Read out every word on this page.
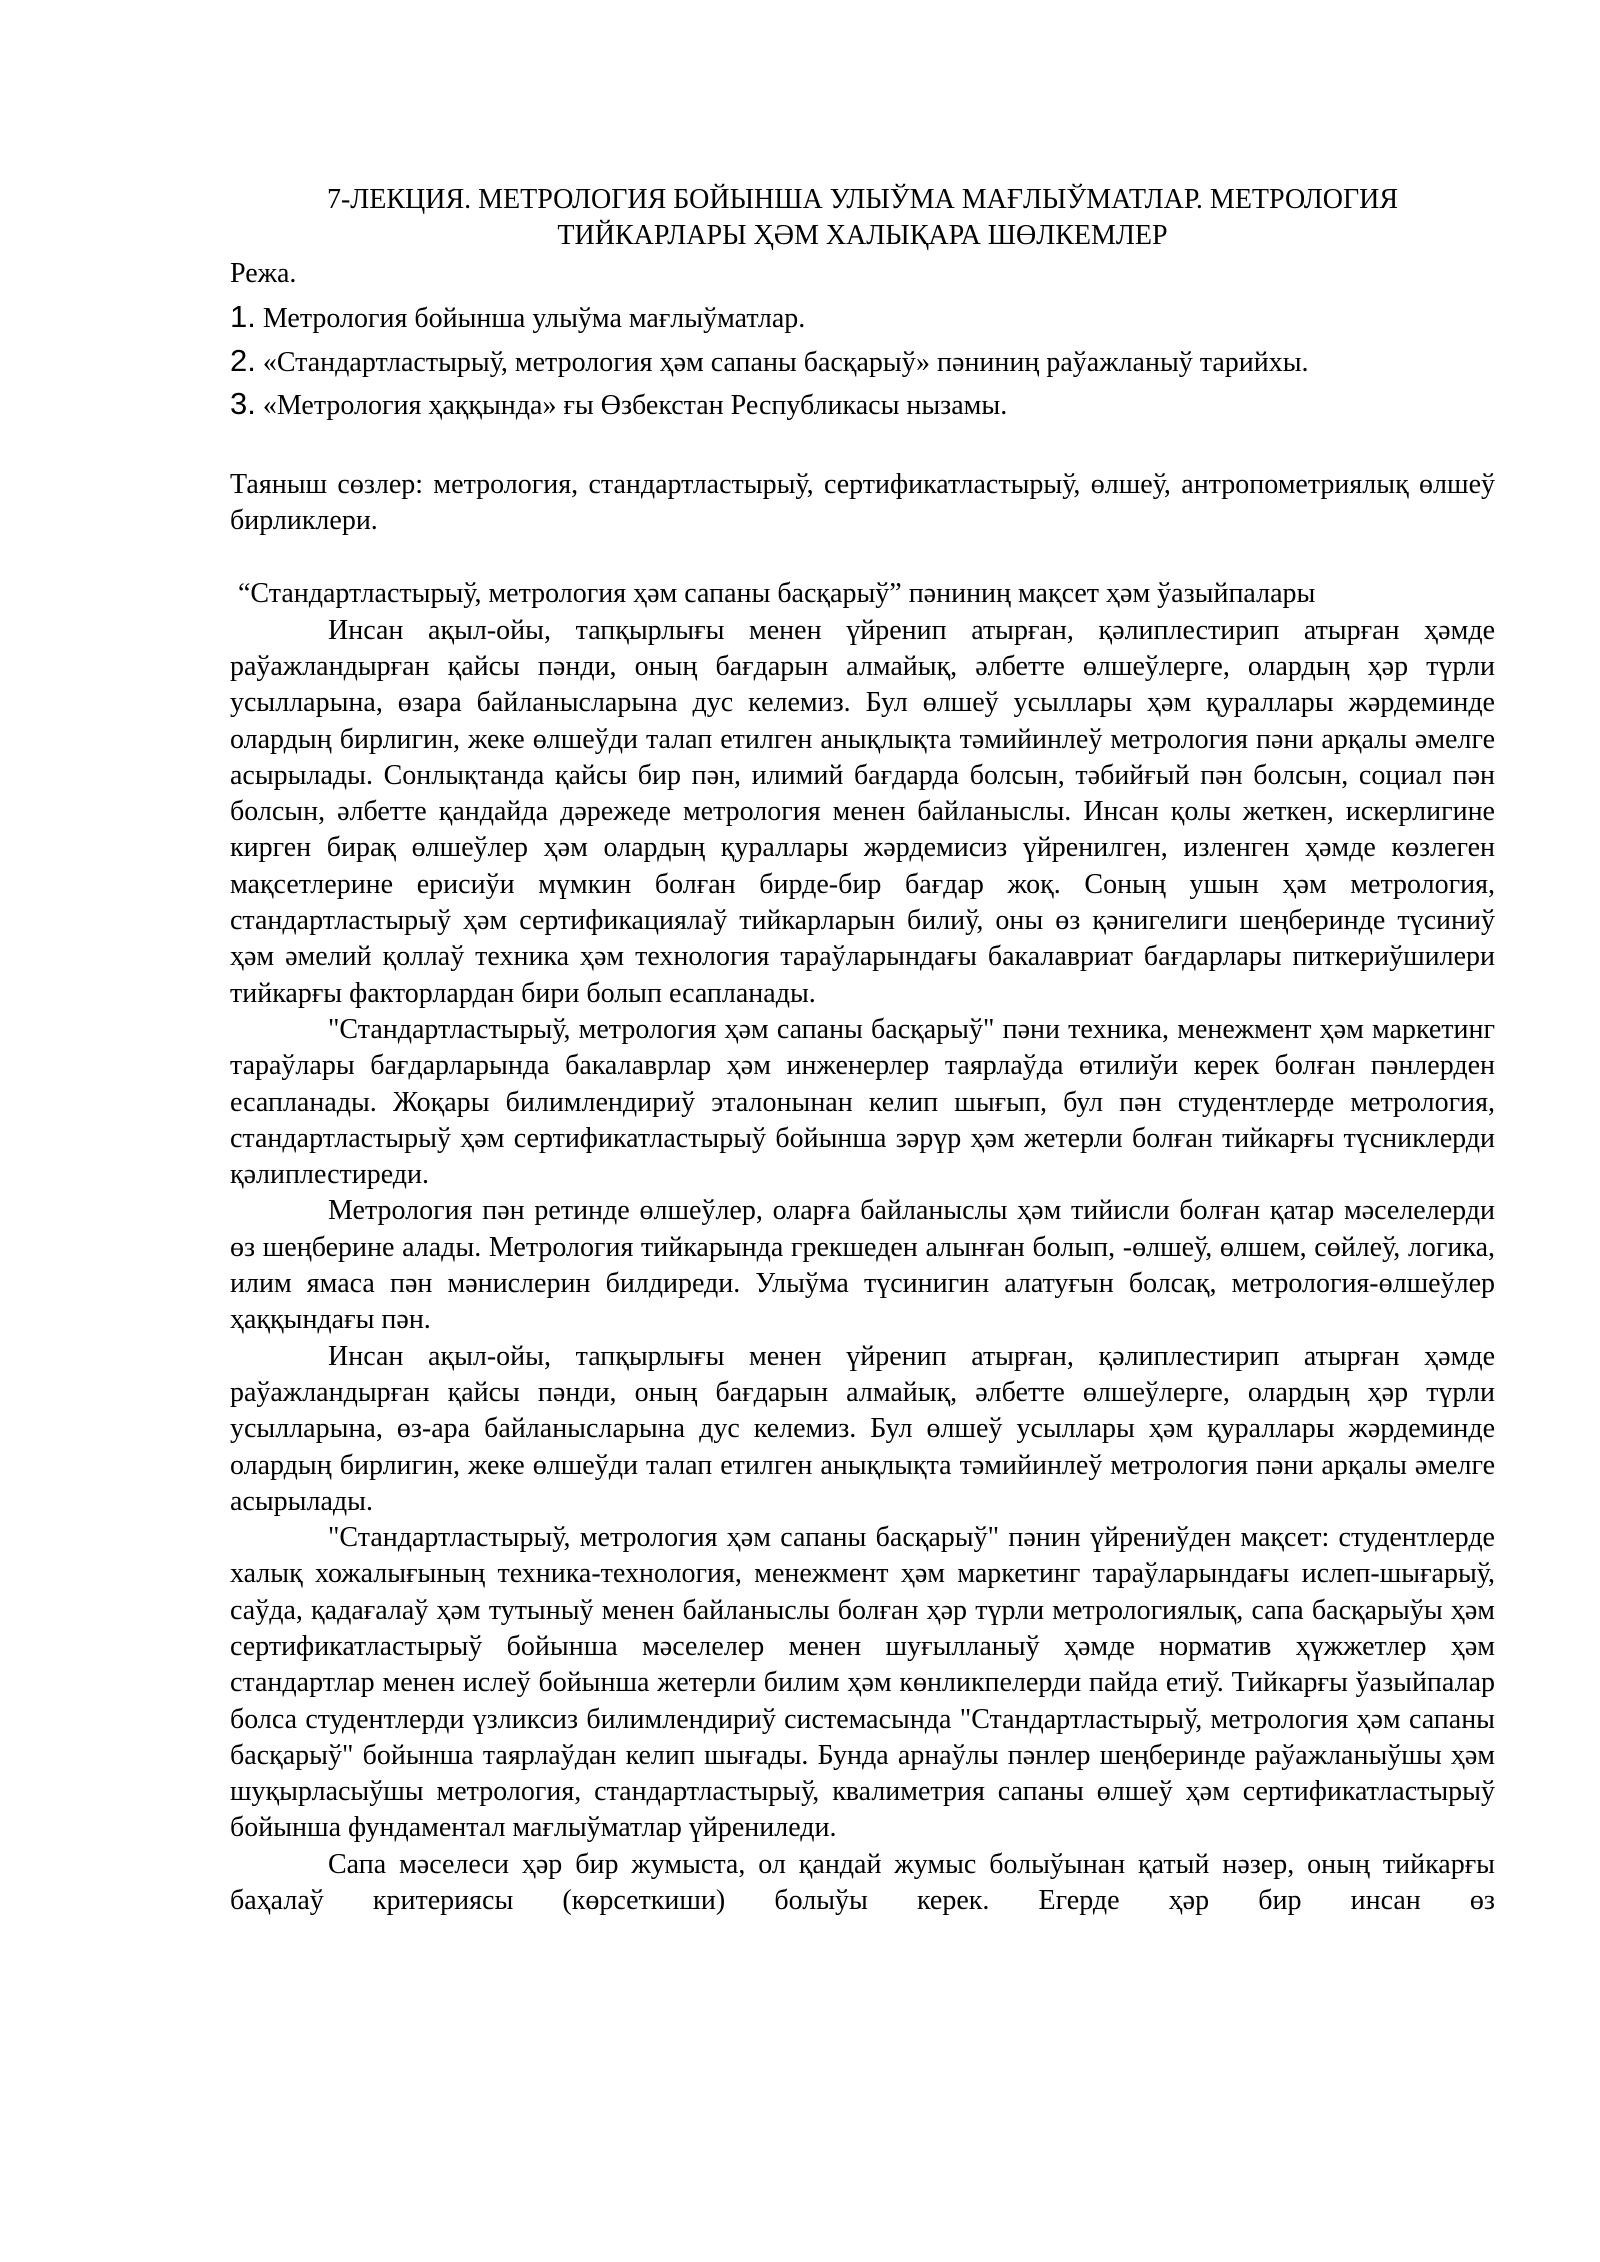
7-ЛЕКЦИЯ. МЕТРОЛОГИЯ БОЙЫНША УЛЫЎМА МАҒЛЫЎМАТЛАР. МЕТРОЛОГИЯ ТИЙКАРЛАРЫ ҲӘМ ХАЛЫҚАРА ШӨЛКЕМЛЕР
Режа.
1. Метрология бойынша улыўма мағлыўматлар.
2. «Стандартластырыў, метрология ҳәм сапаны басқарыў» пәниниң раўажланыў тарийхы.
3. «Метрология ҳаққында» ғы Өзбекстан Республикасы нызамы.

Таяныш сөзлер: метрология, стандартластырыў, сертификатластырыў, өлшеў, антропометриялық өлшеў бирликлери.

“Стандартластырыў, метрология ҳәм сапаны басқарыў” пәниниң мақсет ҳәм ўазыйпалары

Инсан ақыл-ойы, тапқырлығы менен үйренип атырған, қәлиплестирип атырған ҳәмде раўажландырған қайсы пәнди, оның бағдарын алмайық, әлбетте өлшеўлерге, олардың ҳәр түрли усылларына, өзара байланысларына дус келемиз. Бул өлшеў усыллары ҳәм қураллары жәрдеминде олардың бирлигин, жеке өлшеўди талап етилген анықлықта тәмийинлеў метрология пәни арқалы әмелге асырылады. Сонлықтанда қайсы бир пән, илимий бағдарда болсын, тәбийғый пән болсын, социал пән болсын, әлбетте қандайда дәрежеде метрология менен байланыслы. Инсан қолы жеткен, искерлигине кирген бирақ өлшеўлер ҳәм олардың қураллары жәрдемисиз үйренилген, изленген ҳәмде көзлеген мақсетлерине ерисиўи мүмкин болған бирде-бир бағдар жоқ. Соның ушын ҳәм метрология, стандартластырыў ҳәм сертификациялаў тийкарларын билиў, оны өз қәнигелиги шеңберинде түсиниў ҳәм әмелий қоллаў техника ҳәм технология тараўларындағы бакалавриат бағдарлары питкериўшилери тийкарғы факторлардан бири болып есапланады.

"Стандартластырыў, метрология ҳәм сапаны басқарыў" пәни техника, менежмент ҳәм маркетинг тараўлары бағдарларында бакалаврлар ҳәм инженерлер таярлаўда өтилиўи керек болған пәнлерден есапланады. Жоқары билимлендириў эталонынан келип шығып, бул пән студентлерде метрология, стандартластырыў ҳәм сертификатластырыў бойынша зәрүр ҳәм жетерли болған тийкарғы түсниклерди қәлиплестиреди.

Метрология пән ретинде өлшеўлер, оларға байланыслы ҳәм тийисли болған қатар мәселелерди өз шеңберине алады. Метрология тийкарында грекшеден алынған болып, -өлшеў, өлшем, сөйлеў, логика, илим ямаса пән мәнислерин билдиреди. Улыўма түсинигин алатуғын болсақ, метрология-өлшеўлер ҳаққындағы пән.

Инсан ақыл-ойы, тапқырлығы менен үйренип атырған, қәлиплестирип атырған ҳәмде раўажландырған қайсы пәнди, оның бағдарын алмайық, әлбетте өлшеўлерге, олардың ҳәр түрли усылларына, өз-ара байланысларына дус келемиз. Бул өлшеў усыллары ҳәм қураллары жәрдеминде олардың бирлигин, жеке өлшеўди талап етилген анықлықта тәмийинлеў метрология пәни арқалы әмелге асырылады.

"Стандартластырыў, метрология ҳәм сапаны басқарыў" пәнин үйрениўден мақсет: студентлерде халық хожалығының техника-технология, менежмент ҳәм маркетинг тараўларындағы ислеп-шығарыў, саўда, қадағалаў ҳәм тутыныў менен байланыслы болған ҳәр түрли метрологиялық, сапа басқарыўы ҳәм сертификатластырыў бойынша мәселелер менен шуғылланыў ҳәмде норматив ҳүжжетлер ҳәм стандартлар менен ислеў бойынша жетерли билим ҳәм көнликпелерди пайда етиў. Тийкарғы ўазыйпалар болса студентлерди үзликсиз билимлендириў системасында "Стандартластырыў, метрология ҳәм сапаны басқарыў" бойынша таярлаўдан келип шығады. Бунда арнаўлы пәнлер шеңберинде раўажланыўшы ҳәм шуқырласыўшы метрология, стандартластырыў, квалиметрия сапаны өлшеў ҳәм сертификатластырыў бойынша фундаментал мағлыўматлар үйрениледи.

Сапа мәселеси ҳәр бир жумыста, ол қандай жумыс болыўынан қатый нәзер, оның тийкарғы баҳалаў критериясы (көрсеткиши) болыўы керек. Егерде ҳәр бир инсан өз
